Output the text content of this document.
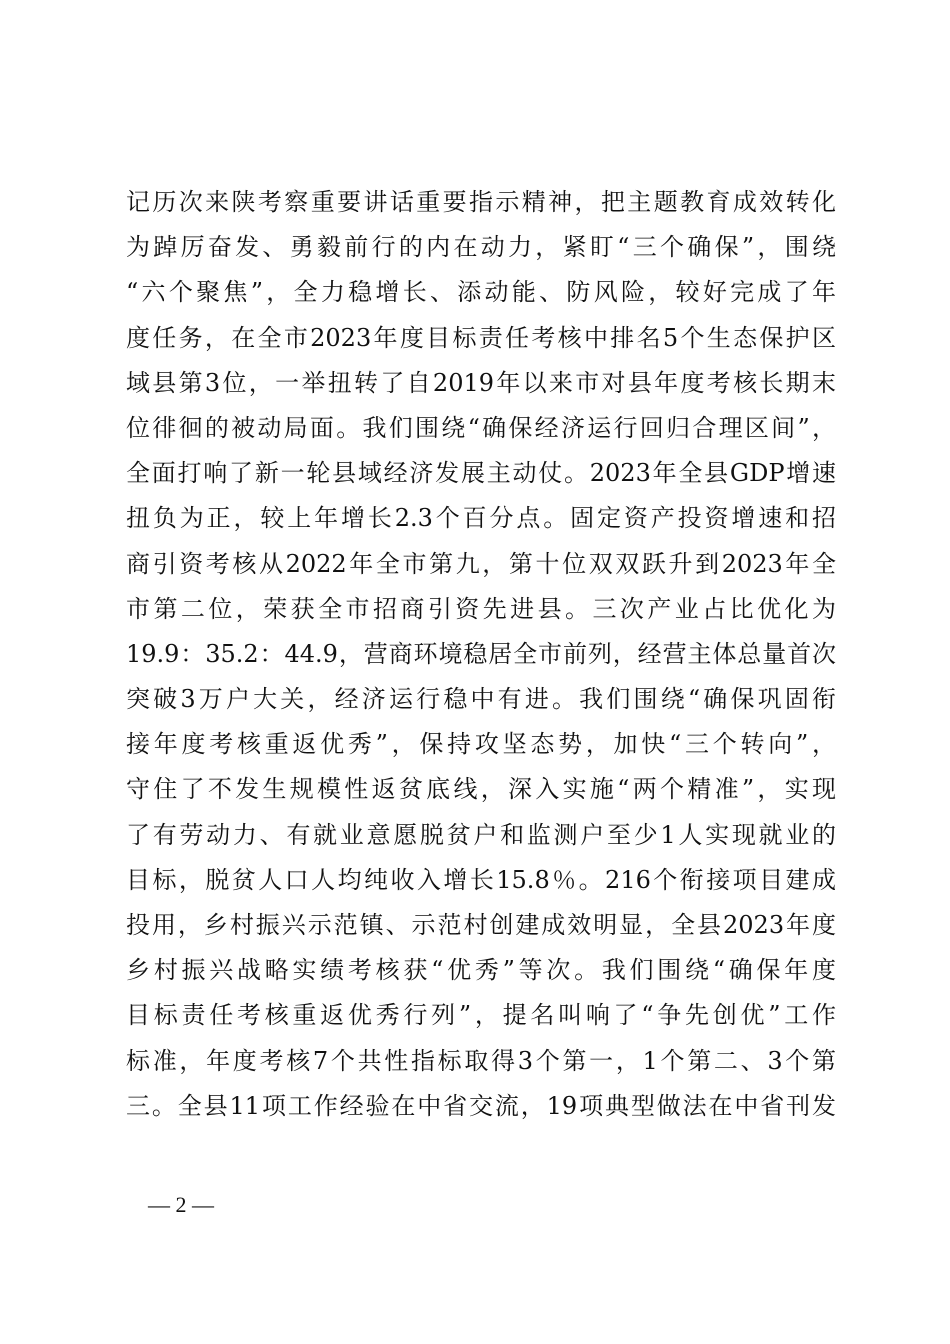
记历次来陕考察重要讲话重要指示精神，把主题教育成效转化
为踔厉奋发、勇毅前行的内在动力，紧盯“三个确保”，围绕
“六个聚焦”，全力稳增长、添动能、防风险，较好完成了年
度任务，在全市2023年度目标责任考核中排名5个生态保护区
域县第3位，一举扭转了自2019年以来市对县年度考核长期末
位徘徊的被动局面。我们围绕“确保经济运行回归合理区间”，
全面打响了新一轮县域经济发展主动仗。2023年全县GDP增速
扭负为正，较上年增长2.3个百分点。固定资产投资增速和招
商引资考核从2022年全市第九，第十位双双跃升到2023年全
市第二位，荣获全市招商引资先进县。三次产业占比优化为
19.9：35.2：44.9，营商环境稳居全市前列，经营主体总量首次
突破3万户大关，经济运行稳中有进。我们围绕“确保巩固衔
接年度考核重返优秀”，保持攻坚态势，加快“三个转向”，
守住了不发生规模性返贫底线，深入实施“两个精准”，实现
了有劳动力、有就业意愿脱贫户和监测户至少1人实现就业的
目标，脱贫人口人均纯收入增长15.8％。216个衔接项目建成
投用，乡村振兴示范镇、示范村创建成效明显，全县2023年度
乡村振兴战略实绩考核获“优秀”等次。我们围绕“确保年度
目标责任考核重返优秀行列”，提名叫响了“争先创优”工作
标准，年度考核7个共性指标取得3个第一，1个第二、3个第
三。全县11项工作经验在中省交流，19项典型做法在中省刊发
— 2 —
